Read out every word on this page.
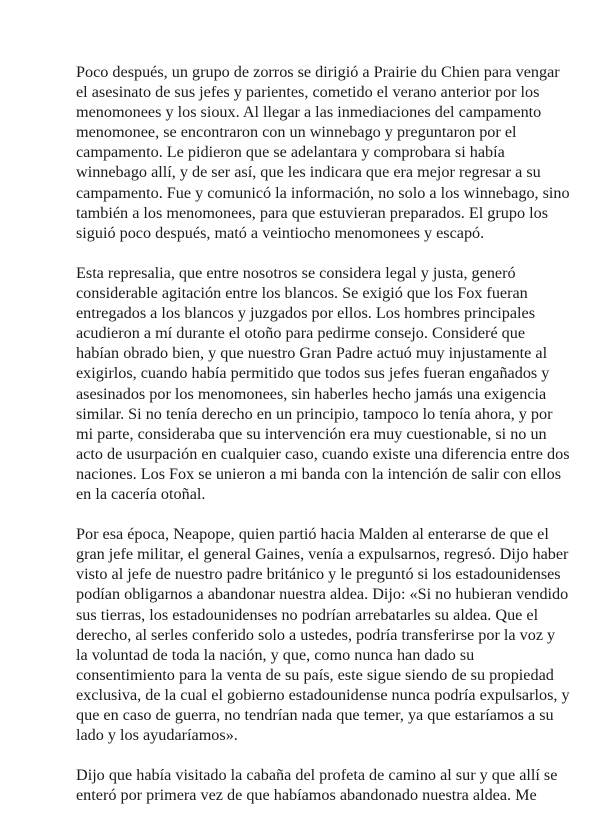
Poco después, un grupo de zorros se dirigió a Prairie du Chien para vengar
el asesinato de sus jefes y parientes, cometido el verano anterior por los
menomonees y los sioux. Al llegar a las inmediaciones del campamento
menomonee, se encontraron con un winnebago y preguntaron por el
campamento. Le pidieron que se adelantara y comprobara si había
winnebago allí, y de ser así, que les indicara que era mejor regresar a su
campamento. Fue y comunicó la información, no solo a los winnebago, sino
también a los menomonees, para que estuvieran preparados. El grupo los
siguió poco después, mató a veintiocho menomonees y escapó.

Esta represalia, que entre nosotros se considera legal y justa, generó
considerable agitación entre los blancos. Se exigió que los Fox fueran
entregados a los blancos y juzgados por ellos. Los hombres principales
acudieron a mí durante el otoño para pedirme consejo. Consideré que
habían obrado bien, y que nuestro Gran Padre actuó muy injustamente al
exigirlos, cuando había permitido que todos sus jefes fueran engañados y
asesinados por los menomonees, sin haberles hecho jamás una exigencia
similar. Si no tenía derecho en un principio, tampoco lo tenía ahora, y por
mi parte, consideraba que su intervención era muy cuestionable, si no un
acto de usurpación en cualquier caso, cuando existe una diferencia entre dos
naciones. Los Fox se unieron a mi banda con la intención de salir con ellos
en la cacería otoñal.

Por esa época, Neapope, quien partió hacia Malden al enterarse de que el
gran jefe militar, el general Gaines, venía a expulsarnos, regresó. Dijo haber
visto al jefe de nuestro padre británico y le preguntó si los estadounidenses
podían obligarnos a abandonar nuestra aldea. Dijo: «Si no hubieran vendido
sus tierras, los estadounidenses no podrían arrebatarles su aldea. Que el
derecho, al serles conferido solo a ustedes, podría transferirse por la voz y
la voluntad de toda la nación, y que, como nunca han dado su
consentimiento para la venta de su país, este sigue siendo de su propiedad
exclusiva, de la cual el gobierno estadounidense nunca podría expulsarlos, y
que en caso de guerra, no tendrían nada que temer, ya que estaríamos a su
lado y los ayudaríamos».

Dijo que había visitado la cabaña del profeta de camino al sur y que allí se
enteró por primera vez de que habíamos abandonado nuestra aldea. Me
